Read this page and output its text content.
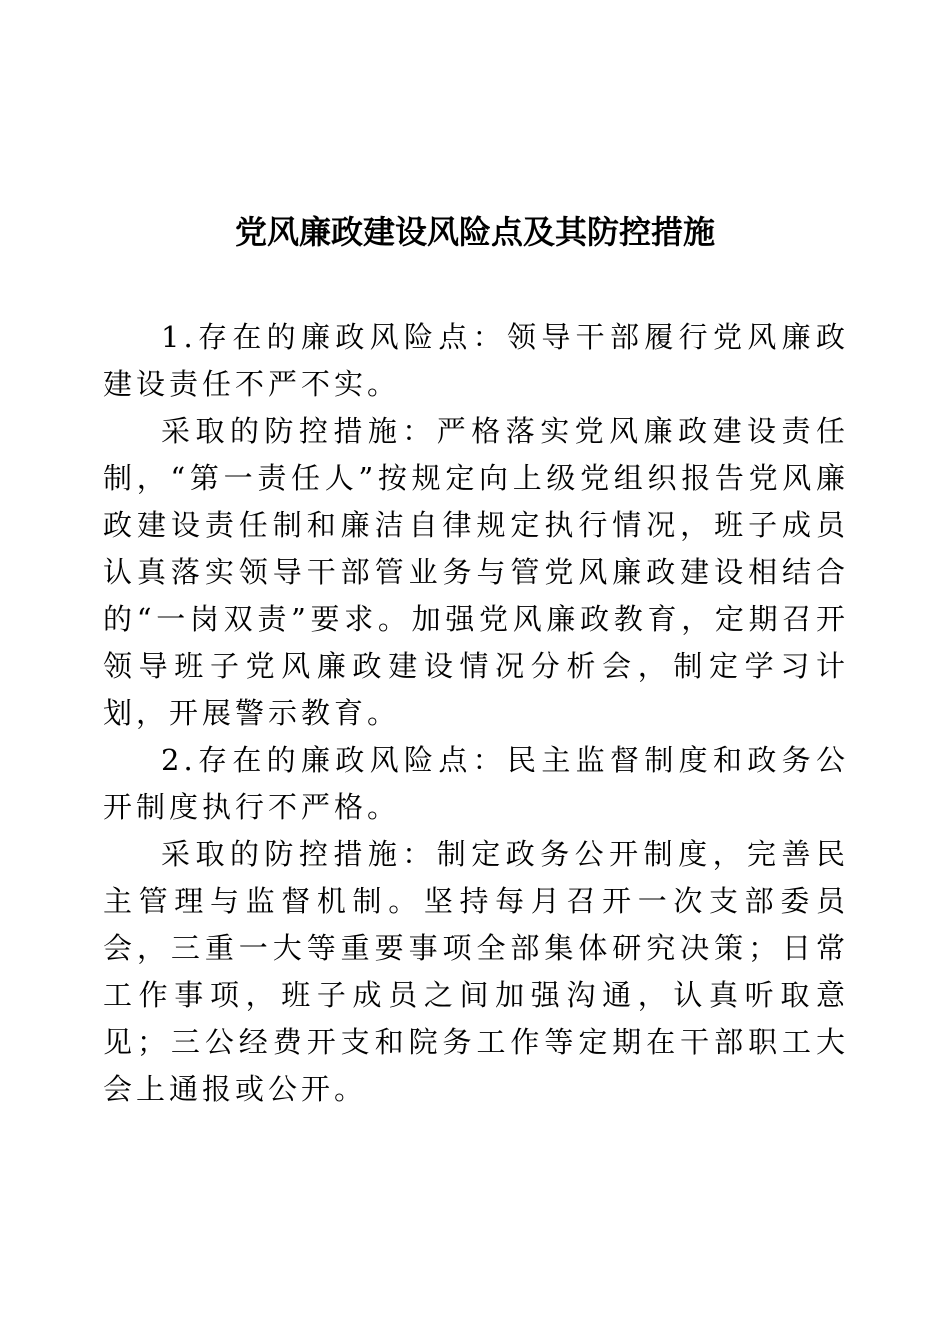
党风廉政建设风险点及其防控措施

1.存在的廉政风险点：领导干部履行党风廉政建设责任不严不实。

采取的防控措施：严格落实党风廉政建设责任制，“第一责任人”按规定向上级党组织报告党风廉政建设责任制和廉洁自律规定执行情况，班子成员认真落实领导干部管业务与管党风廉政建设相结合的“一岗双责”要求。加强党风廉政教育，定期召开领导班子党风廉政建设情况分析会，制定学习计划，开展警示教育。

2.存在的廉政风险点：民主监督制度和政务公开制度执行不严格。

采取的防控措施：制定政务公开制度，完善民主管理与监督机制。坚持每月召开一次支部委员会，三重一大等重要事项全部集体研究决策；日常工作事项，班子成员之间加强沟通，认真听取意见；三公经费开支和院务工作等定期在干部职工大会上通报或公开。
